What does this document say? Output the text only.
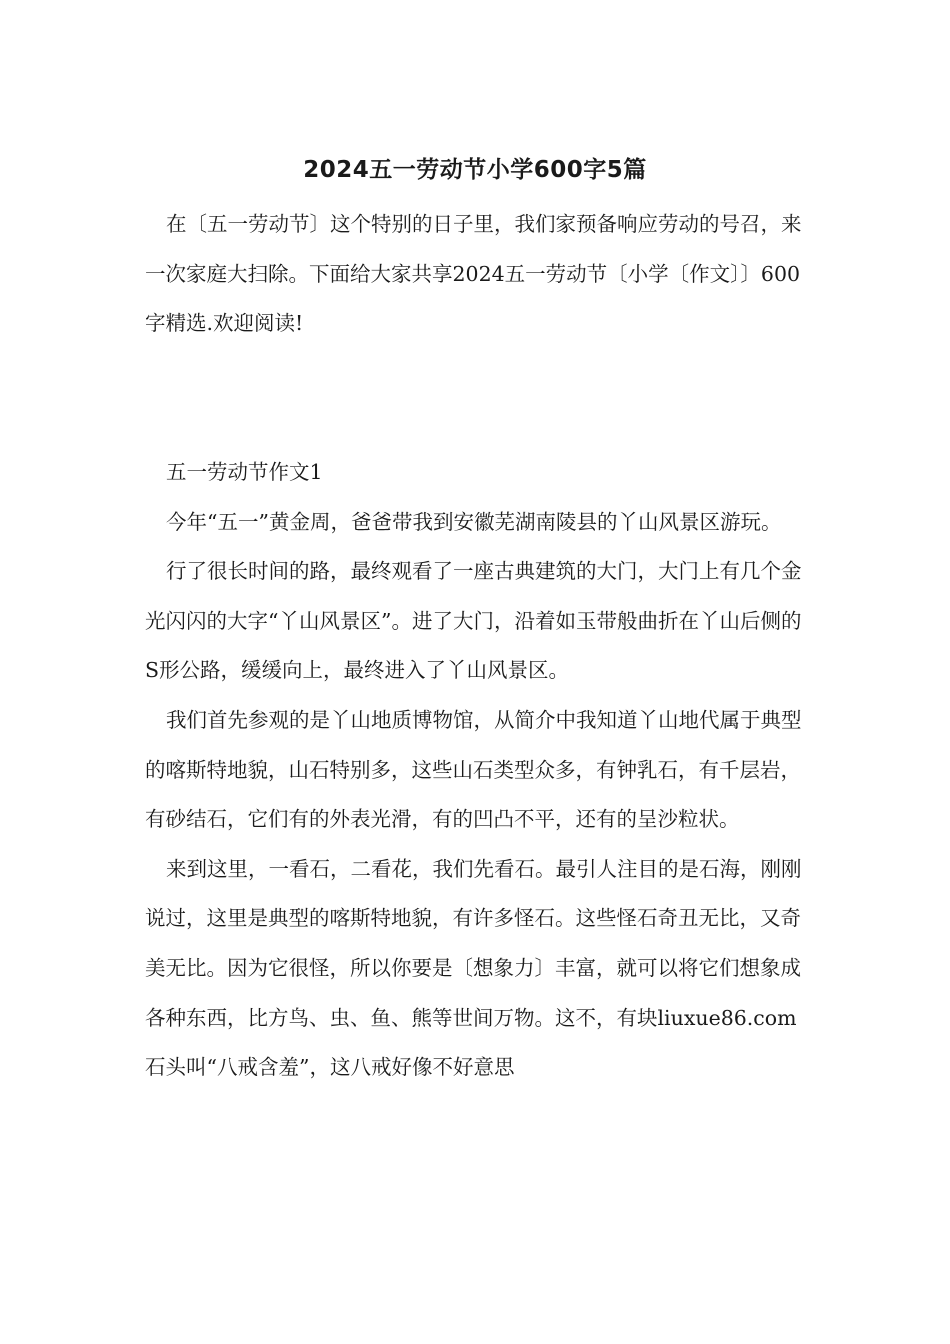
2024五一劳动节小学600字5篇

在〔五一劳动节〕这个特别的日子里，我们家预备响应劳动的号召，来一次家庭大扫除。下面给大家共享2024五一劳动节〔小学〔作文〕〕600字精选.欢迎阅读!

五一劳动节作文1

今年“五一”黄金周，爸爸带我到安徽芜湖南陵县的丫山风景区游玩。

行了很长时间的路，最终观看了一座古典建筑的大门，大门上有几个金光闪闪的大字“丫山风景区”。进了大门，沿着如玉带般曲折在丫山后侧的S形公路，缓缓向上，最终进入了丫山风景区。

我们首先参观的是丫山地质博物馆，从简介中我知道丫山地代属于典型的喀斯特地貌，山石特别多，这些山石类型众多，有钟乳石，有千层岩，有砂结石，它们有的外表光滑，有的凹凸不平，还有的呈沙粒状。

来到这里，一看石，二看花，我们先看石。最引人注目的是石海，刚刚说过，这里是典型的喀斯特地貌，有许多怪石。这些怪石奇丑无比，又奇美无比。因为它很怪，所以你要是〔想象力〕丰富，就可以将它们想象成各种东西，比方鸟、虫、鱼、熊等世间万物。这不，有块liuxue86.com石头叫“八戒含羞”，这八戒好像不好意思
